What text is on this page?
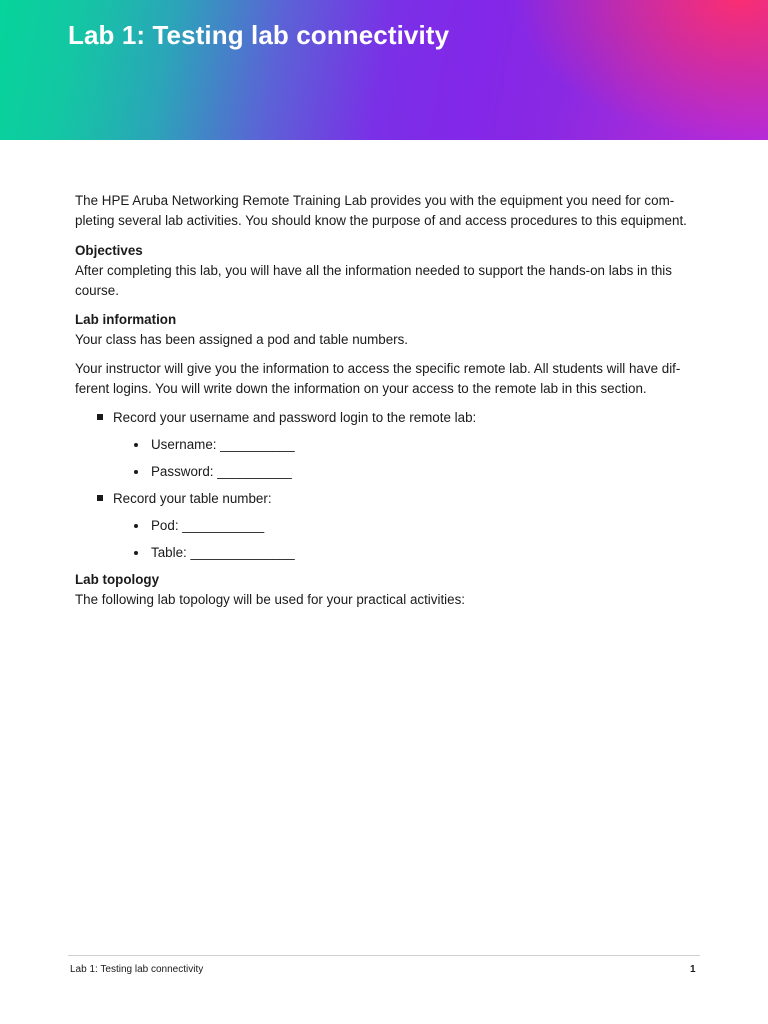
Lab 1: Testing lab connectivity

The HPE Aruba Networking Remote Training Lab provides you with the equipment you need for com-pleting several lab activities. You should know the purpose of and access procedures to this equipment.

Objectives

After completing this lab, you will have all the information needed to support the hands-on labs in this course.

Lab information

Your class has been assigned a pod and table numbers.

Your instructor will give you the information to access the specific remote lab. All students will have dif-ferent logins. You will write down the information on your access to the remote lab in this section.

Record your username and password login to the remote lab:
Username: __________
Password: __________
Record your table number:
Pod: ___________
Table: ______________

Lab topology

The following lab topology will be used for your practical activities:

Lab 1: Testing lab connectivity	1
